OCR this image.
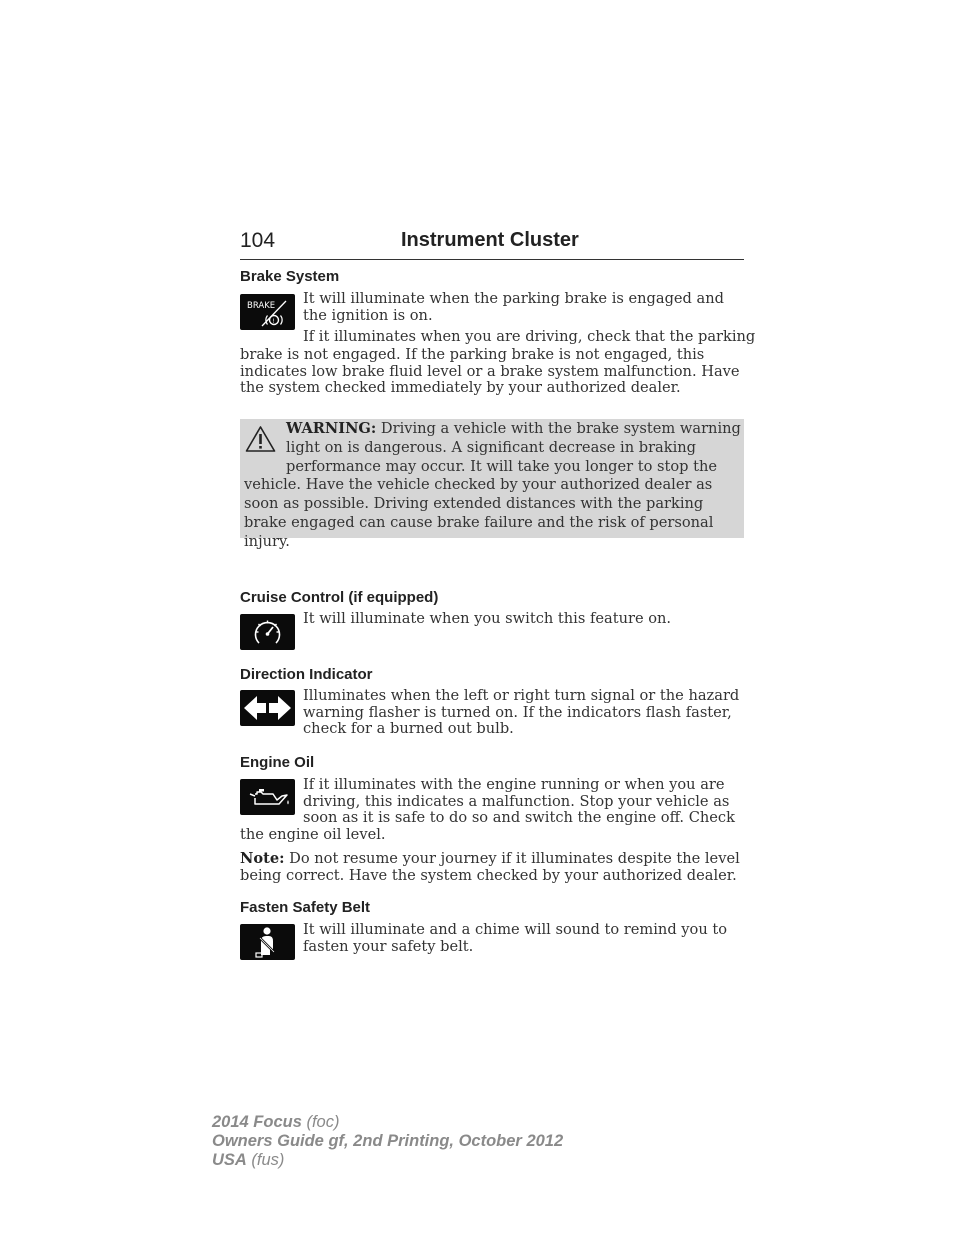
104	Instrument Cluster
Brake System
BRAKE
!

It will illuminate when the parking brake is engaged and the ignition is on.

If it illuminates when you are driving, check that the parking

brake is not engaged. If the parking brake is not engaged, this indicates low brake fluid level or a brake system malfunction. Have the system checked immediately by your authorized dealer.

WARNING: Driving a vehicle with the brake system warning light on is dangerous. A significant decrease in braking performance may occur. It will take you longer to stop the vehicle. Have the vehicle checked by your authorized dealer as soon as possible. Driving extended distances with the parking brake engaged can cause brake failure and the risk of personal injury.

Cruise Control (if equipped)

It will illuminate when you switch this feature on.

Direction Indicator

Illuminates when the left or right turn signal or the hazard warning flasher is turned on. If the indicators flash faster, check for a burned out bulb.

Engine Oil

If it illuminates with the engine running or when you are driving, this indicates a malfunction. Stop your vehicle as soon as it is safe to do so and switch the engine off. Check the engine oil level.

Note: Do not resume your journey if it illuminates despite the level being correct. Have the system checked by your authorized dealer.

Fasten Safety Belt

It will illuminate and a chime will sound to remind you to fasten your safety belt.

2014 Focus (foc)
Owners Guide gf, 2nd Printing, October 2012
USA (fus)
